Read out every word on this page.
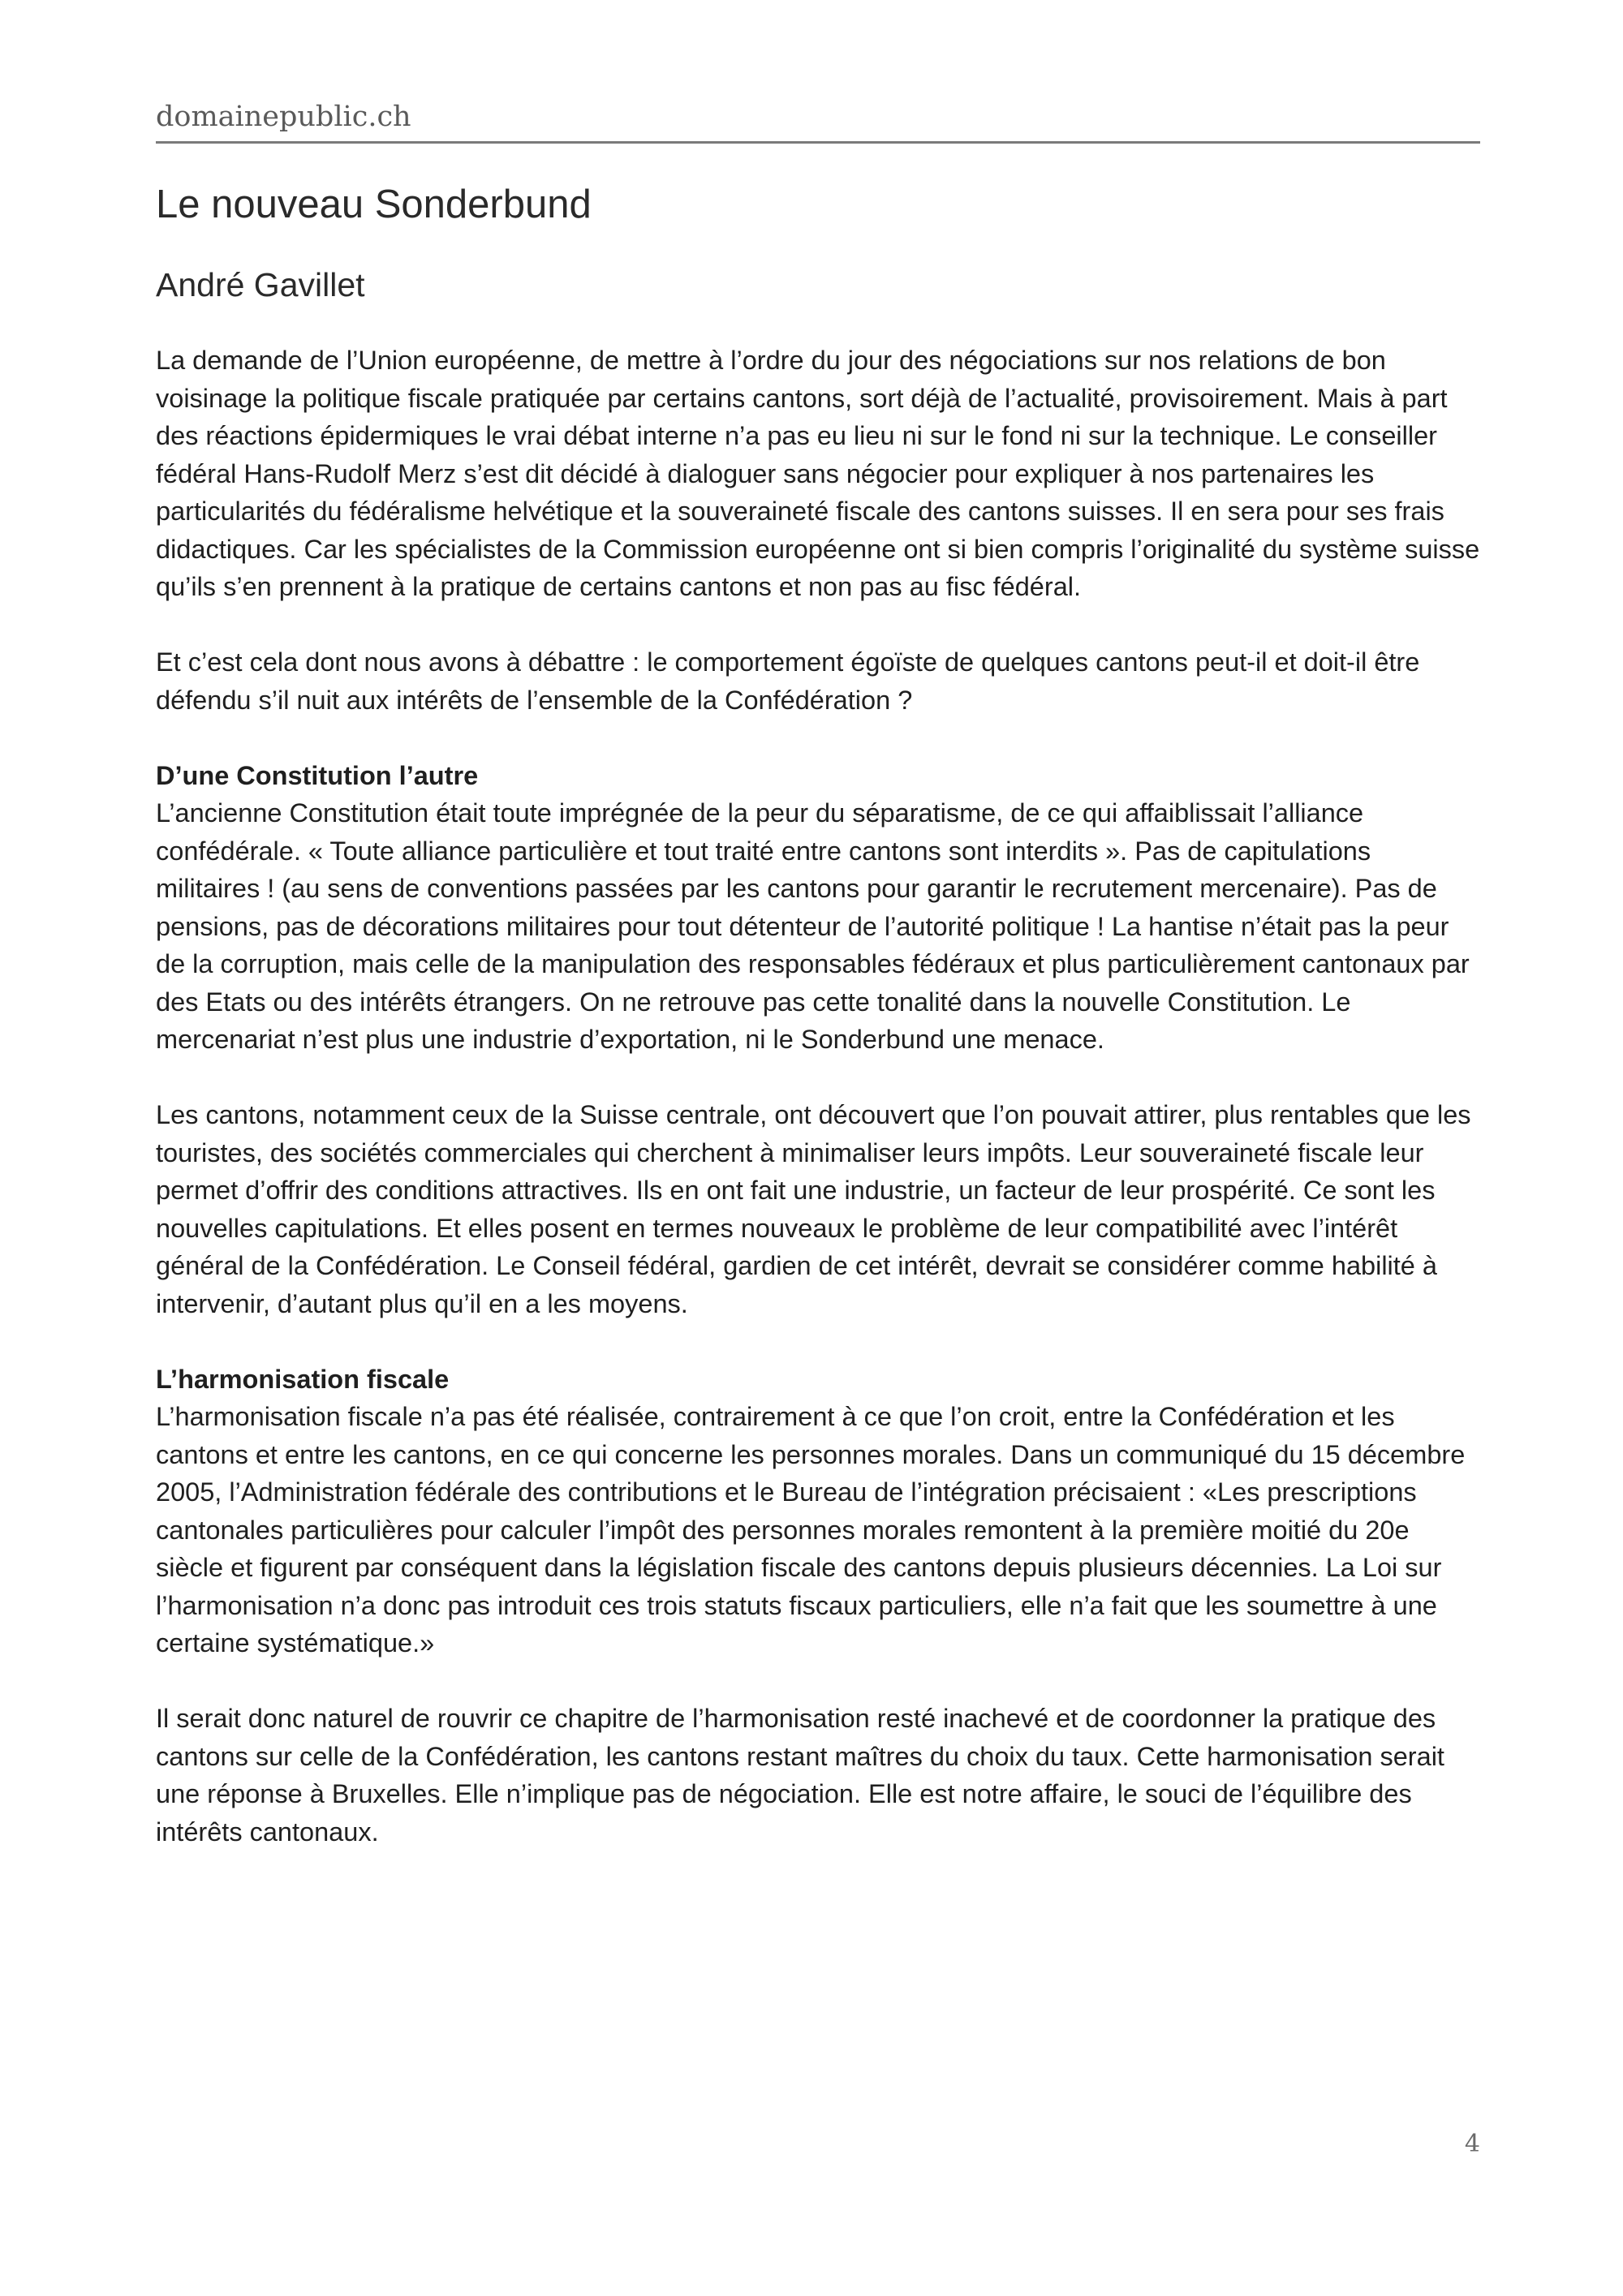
domainepublic.ch
Le nouveau Sonderbund
André Gavillet

La demande de l’Union européenne, de mettre à l’ordre du jour des négociations sur nos relations de bon voisinage la politique fiscale pratiquée par certains cantons, sort déjà de l’actualité, provisoirement. Mais à part des réactions épidermiques le vrai débat interne n’a pas eu lieu ni sur le fond ni sur la technique. Le conseiller fédéral Hans-Rudolf Merz s’est dit décidé à dialoguer sans négocier pour expliquer à nos partenaires les particularités du fédéralisme helvétique et la souveraineté fiscale des cantons suisses. Il en sera pour ses frais didactiques. Car les spécialistes de la Commission européenne ont si bien compris l’originalité du système suisse qu’ils s’en prennent à la pratique de certains cantons et non pas au fisc fédéral.

Et c’est cela dont nous avons à débattre : le comportement égoïste de quelques cantons peut-il et doit-il être défendu s’il nuit aux intérêts de l’ensemble de la Confédération ?

D’une Constitution l’autre

L’ancienne Constitution était toute imprégnée de la peur du séparatisme, de ce qui affaiblissait l’alliance confédérale. « Toute alliance particulière et tout traité entre cantons sont interdits ». Pas de capitulations militaires ! (au sens de conventions passées par les cantons pour garantir le recrutement mercenaire). Pas de pensions, pas de décorations militaires pour tout détenteur de l’autorité politique ! La hantise n’était pas la peur de la corruption, mais celle de la manipulation des responsables fédéraux et plus particulièrement cantonaux par des Etats ou des intérêts étrangers. On ne retrouve pas cette tonalité dans la nouvelle Constitution. Le mercenariat n’est plus une industrie d’exportation, ni le Sonderbund une menace.

Les cantons, notamment ceux de la Suisse centrale, ont découvert que l’on pouvait attirer, plus rentables que les touristes, des sociétés commerciales qui cherchent à minimaliser leurs impôts. Leur souveraineté fiscale leur permet d’offrir des conditions attractives. Ils en ont fait une industrie, un facteur de leur prospérité. Ce sont les nouvelles capitulations. Et elles posent en termes nouveaux le problème de leur compatibilité avec l’intérêt général de la Confédération. Le Conseil fédéral, gardien de cet intérêt, devrait se considérer comme habilité à intervenir, d’autant plus qu’il en a les moyens.

L’harmonisation fiscale

L’harmonisation fiscale n’a pas été réalisée, contrairement à ce que l’on croit, entre la Confédération et les cantons et entre les cantons, en ce qui concerne les personnes morales. Dans un communiqué du 15 décembre 2005, l’Administration fédérale des contributions et le Bureau de l’intégration précisaient : «Les prescriptions cantonales particulières pour calculer l’impôt des personnes morales remontent à la première moitié du 20e siècle et figurent par conséquent dans la législation fiscale des cantons depuis plusieurs décennies. La Loi sur l’harmonisation n’a donc pas introduit ces trois statuts fiscaux particuliers, elle n’a fait que les soumettre à une certaine systématique.»

Il serait donc naturel de rouvrir ce chapitre de l’harmonisation resté inachevé et de coordonner la pratique des cantons sur celle de la Confédération, les cantons restant maîtres du choix du taux. Cette harmonisation serait une réponse à Bruxelles. Elle n’implique pas de négociation. Elle est notre affaire, le souci de l’équilibre des intérêts cantonaux.

4
